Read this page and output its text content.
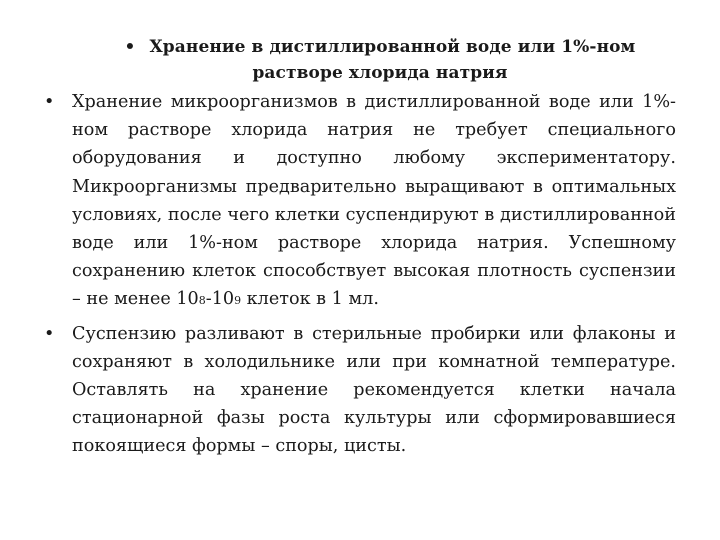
• Хранение в дистиллированной воде или 1%-ном
растворе хлорида натрия
• Хранение микроорганизмов в дистиллированной воде или 1%-ном растворе хлорида натрия не требует специального оборудования и доступно любому экспериментатору. Микроорганизмы предварительно выращивают в оптимальных условиях, после чего клетки суспендируют в дистиллированной воде или 1%-ном растворе хлорида натрия. Успешному сохранению клеток способствует высокая плотность суспензии – не менее 108-109 клеток в 1 мл.
• Суспензию разливают в стерильные пробирки или флаконы и сохраняют в холодильнике или при комнатной температуре. Оставлять на хранение рекомендуется клетки начала стационарной фазы роста культуры или сформировавшиеся покоящиеся формы – споры, цисты.
